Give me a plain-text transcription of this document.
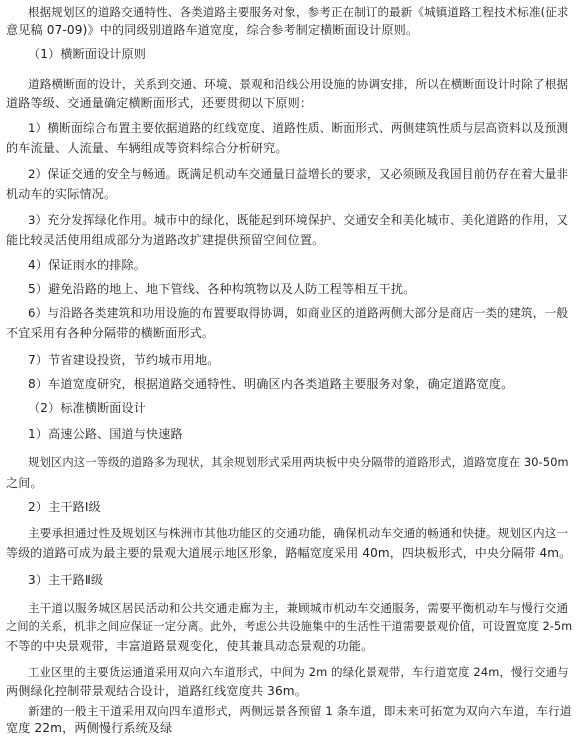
根据规划区的道路交通特性、各类道路主要服务对象，参考正在制订的最新《城镇道路工程技术标准(征求
意见稿 07-09)》中的同级别道路车道宽度，综合参考制定横断面设计原则。
（1）横断面设计原则
道路横断面的设计，关系到交通、环境、景观和沿线公用设施的协调安排，所以在横断面设计时除了根据
道路等级、交通量确定横断面形式，还要贯彻以下原则：
1）横断面综合布置主要依据道路的红线宽度、道路性质、断面形式、两侧建筑性质与层高资料以及预测
的车流量、人流量、车辆组成等资料综合分析研究。
2）保证交通的安全与畅通。既满足机动车交通量日益增长的要求，又必须顾及我国目前仍存在着大量非
机动车的实际情况。
3）充分发挥绿化作用。城市中的绿化，既能起到环境保护、交通安全和美化城市、美化道路的作用，又
能比较灵活使用组成部分为道路改扩建提供预留空间位置。
4）保证雨水的排除。
5）避免沿路的地上、地下管线、各种构筑物以及人防工程等相互干扰。
6）与沿路各类建筑和功用设施的布置要取得协调，如商业区的道路两侧大部分是商店一类的建筑，一般
不宜采用有各种分隔带的横断面形式。
7）节省建设投资，节约城市用地。
8）车道宽度研究，根据道路交通特性、明确区内各类道路主要服务对象，确定道路宽度。
（2）标准横断面设计
1）高速公路、国道与快速路
规划区内这一等级的道路多为现状，其余规划形式采用两块板中央分隔带的道路形式，道路宽度在 30-50m
之间。
2）主干路Ⅰ级
主要承担通过性及规划区与株洲市其他功能区的交通功能，确保机动车交通的畅通和快捷。规划区内这一
等级的道路可成为最主要的景观大道展示地区形象，路幅宽度采用 40m，四块板形式，中央分隔带 4m。
3）主干路Ⅱ级
主干道以服务城区居民活动和公共交通走廊为主，兼顾城市机动车交通服务，需要平衡机动车与慢行交通
之间的关系，机非之间应保证一定分离。此外，考虑公共设施集中的生活性干道需要景观价值，可设置宽度 2-5m
不等的中央景观带，丰富道路景观变化，使其兼具动态景观的功能。
工业区里的主要货运通道采用双向六车道形式，中间为 2m 的绿化景观带，车行道宽度 24m，慢行交通与
两侧绿化控制带景观结合设计，道路红线宽度共 36m。
新建的一般主干道采用双向四车道形式，两侧远景各预留 1 条车道，即未来可拓宽为双向六车道，车行道
宽度 22m，两侧慢行系统及绿
